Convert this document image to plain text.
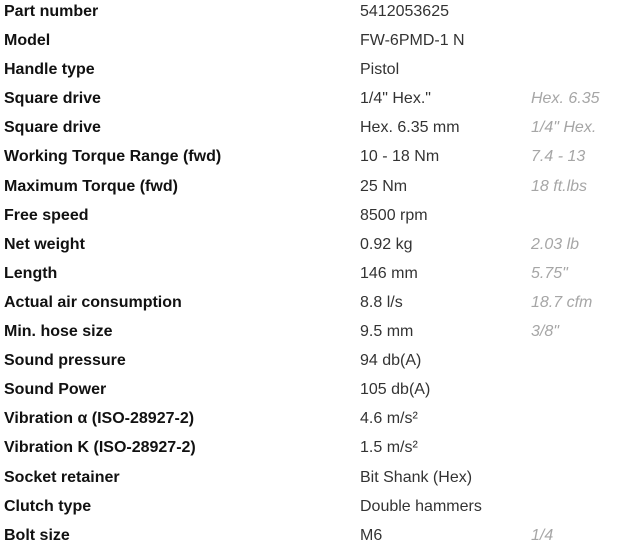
Part number	5412053625
Model	FW-6PMD-1 N
Handle type	Pistol
Square drive	1/4" Hex."	Hex. 6.35
Square drive	Hex. 6.35 mm	1/4" Hex.
Working Torque Range (fwd)	10 - 18 Nm	7.4 - 13
Maximum Torque (fwd)	25 Nm	18 ft.lbs
Free speed	8500 rpm
Net weight	0.92 kg	2.03 lb
Length	146 mm	5.75"
Actual air consumption	8.8 l/s	18.7 cfm
Min. hose size	9.5 mm	3/8"
Sound pressure	94 db(A)
Sound Power	105 db(A)
Vibration α (ISO-28927-2)	4.6 m/s²
Vibration K (ISO-28927-2)	1.5 m/s²
Socket retainer	Bit Shank (Hex)
Clutch type	Double hammers
Bolt size	M6	1/4
